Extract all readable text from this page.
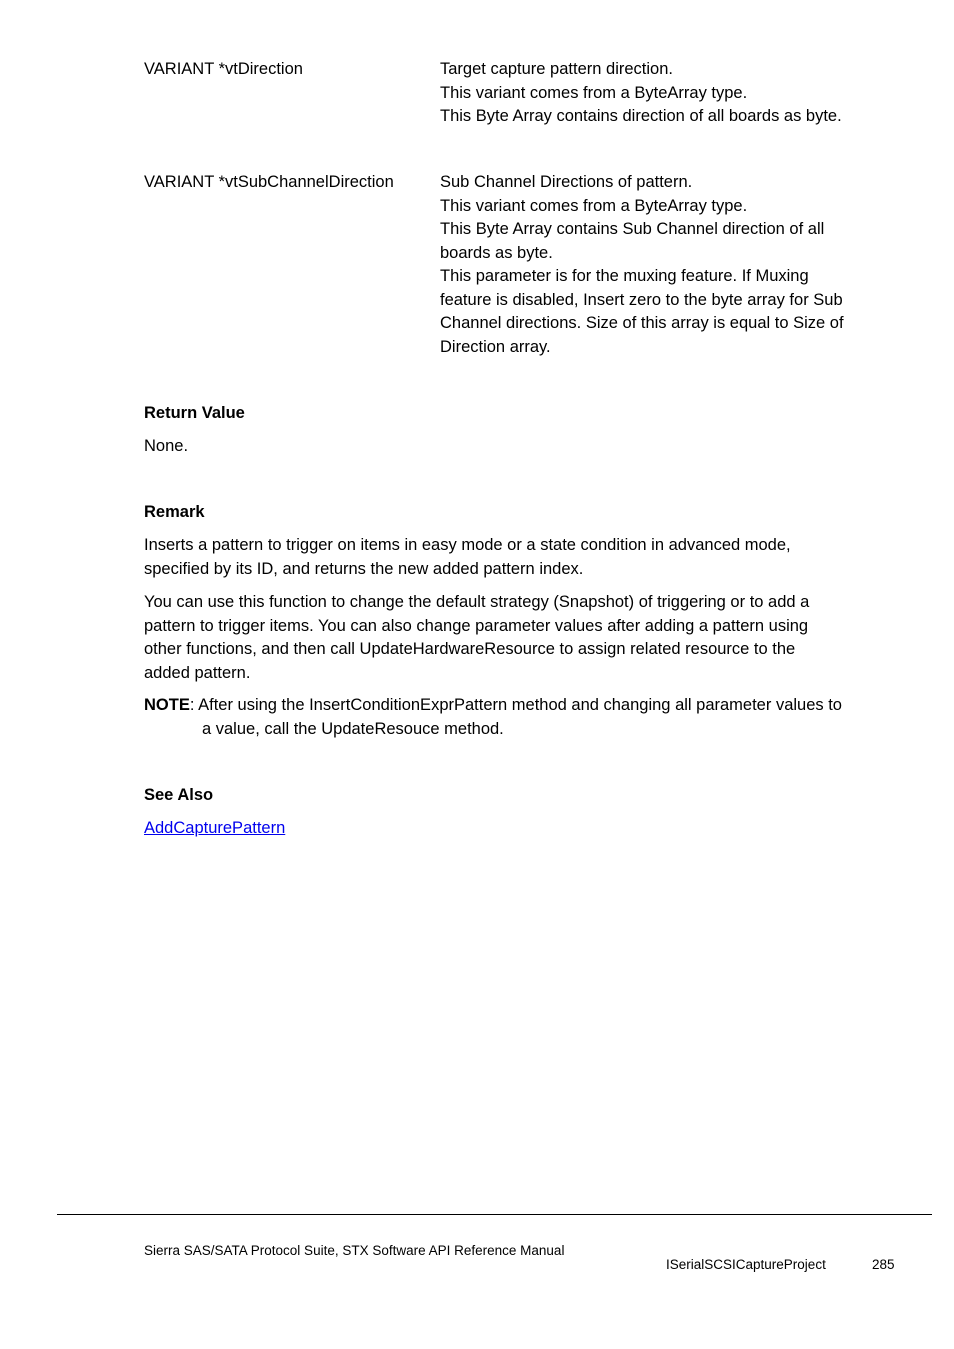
VARIANT *vtDirection	Target capture pattern direction.
This variant comes from a ByteArray type.
This Byte Array contains direction of all boards as byte.
VARIANT *vtSubChannelDirection	Sub Channel Directions of pattern.
This variant comes from a ByteArray type.
This Byte Array contains Sub Channel direction of all
boards as byte.
This parameter is for the muxing feature. If Muxing
feature is disabled, Insert zero to the byte array for Sub
Channel directions. Size of this array is equal to Size of
Direction array.
Return Value
None.
Remark
Inserts a pattern to trigger on items in easy mode or a state condition in advanced mode,
specified by its ID, and returns the new added pattern index.
You can use this function to change the default strategy (Snapshot) of triggering or to add a
pattern to trigger items. You can also change parameter values after adding a pattern using
other functions, and then call UpdateHardwareResource to assign related resource to the
added pattern.
NOTE: After using the InsertConditionExprPattern method and changing all parameter values to
a value, call the UpdateResouce method.
See Also
AddCapturePattern
Sierra SAS/SATA Protocol Suite, STX Software API Reference Manual
ISerialSCSICaptureProject	285
